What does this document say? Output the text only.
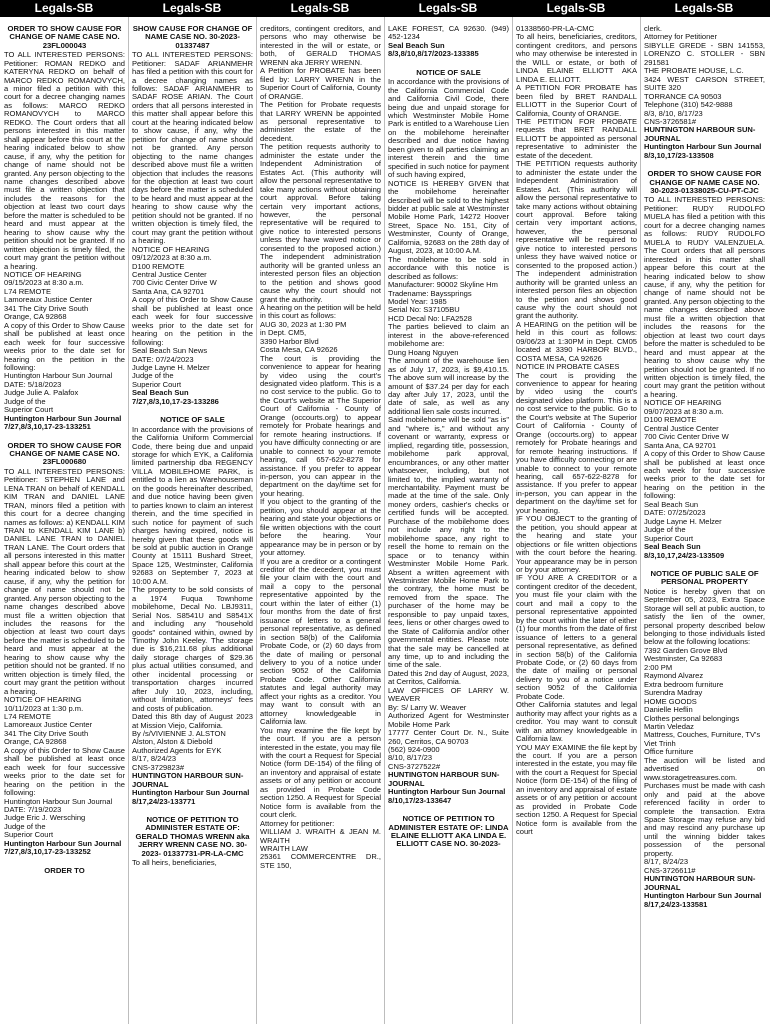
Legals-SB	Legals-SB	Legals-SB	Legals-SB	Legals-SB	Legals-SB

ORDER TO SHOW CAUSE FOR CHANGE OF NAME CASE NO. 23FL000043

TO ALL INTERESTED PERSONS: Petitioner: ROMAN REDKO and KATERYNA REDKO on behalf of MARCO REDKO ROMANOVYCH, a minor filed a petition with this court for a decree changing names as follows: MARCO REDKO ROMANOVYCH to MARCO REDKO. The Court orders that all persons interested in this matter shall appear before this court at the hearing indicated below to show cause, if any, why the petition for change of name should not be granted. Any person objecting to the name changes described above must file a written objection that includes the reasons for the objection at least two court days before the matter is scheduled to be heard and must appear at the hearing to show cause why the petition should not be granted. If no written objection is timely filed, the court may grant the petition without a hearing.
NOTICE OF HEARING
09/15/2023 at 8:30 a.m.
L74 REMOTE
Lamoreaux Justice Center
341 The City Drive South
Orange, CA 92868
A copy of this Order to Show Cause shall be published at least once each week for four successive weeks prior to the date set for hearing on the petition in the following:
Huntington Harbour Sun Journal
DATE: 5/18/2023
Judge Julie A. Palafox
Judge of the
Superior Court

Huntington Harbour Sun Journal
7/27,8/3,10,17-23-133251

ORDER TO SHOW CAUSE FOR CHANGE OF NAME CASE NO. 23FL000680

TO ALL INTERESTED PERSONS: Petitioner: STEPHEN LANE and LENA TRAN on behalf of KENDALL KIM TRAN and DANIEL LANE TRAN, minors filed a petition with this court for a decree changing names as follows: a) KENDALL KIM TRAN to KENDALL KIM LANE b) DANIEL LANE TRAN to DANIEL TRAN LANE. The Court orders that all persons interested in this matter shall appear before this court at the hearing indicated below to show cause, if any, why the petition for change of name should not be granted. Any person objecting to the name changes described above must file a written objection that includes the reasons for the objection at least two court days before the matter is scheduled to be heard and must appear at the hearing to show cause why the petition should not be granted. If no written objection is timely filed, the court may grant the petition without a hearing.
NOTICE OF HEARING
10/11/2023 at 1:30 p.m.
L74 REMOTE
Lamoreaux Justice Center
341 The City Drive South
Orange, CA 92868
A copy of this Order to Show Cause shall be published at least once each week for four successive weeks prior to the date set for hearing on the petition in the following:
Huntington Harbour Sun Journal
DATE: 7/19/2023
Judge Eric J. Wersching
Judge of the
Superior Court

Huntington Harbour Sun Journal
7/27,8/3,10,17-23-133252

ORDER TO

SHOW CAUSE FOR CHANGE OF NAME CASE NO. 30-2023-01337487

TO ALL INTERESTED PERSONS: Petitioner: SADAF ARIANMEHR has filed a petition with this court for a decree changing names as follows: SADAF ARIANMEHR to SADAF ROSE ARIAN. The Court orders that all persons interested in this matter shall appear before this court at the hearing indicated below to show cause, if any, why the petition for change of name should not be granted. Any person objecting to the name changes described above must file a written objection that includes the reasons for the objection at least two court days before the matter is scheduled to be heard and must appear at the hearing to show cause why the petition should not be granted. If no written objection is timely filed, the court may grant the petition without a hearing.
NOTICE OF HEARING
09/12/2023 at 8:30 a.m.
D100 REMOTE
Central Justice Center
700 Civic Center Drive W
Santa Ana, CA 92701
A copy of this Order to Show Cause shall be published at least once each week for four successive weeks prior to the date set for hearing on the petition in the following:
Seal Beach Sun News
DATE: 07/24/2023
Judge Layne H. Melzer
Judge of the
Superior Court

Seal Beach Sun
7/27,8/3,10,17-23-133286

NOTICE OF SALE

In accordance with the provisions of the California Uniform Commercial Code, there being due and unpaid storage for which EYK, a California limited partnership dba REGENCY VILLA MOBILEHOME PARK, is entitled to a lien as Warehouseman on the goods hereinafter described, and due notice having been given to parties known to claim an interest therein, and the time specified in such notice for payment of such charges having expired, notice is hereby given that these goods will be sold at public auction in Orange County at 15111 Bushard Street, Space 125, Westminster, California 92683 on September 7, 2023 at 10:00 A.M.
The property to be sold consists of a 1974 Fuqua Townhome mobilehome, Decal No. LBJ9311, Serial Nos. S8541U and S8541X and including any "household goods" contained within, owned by Timothy John Keeley. The storage due is $16,211.68 plus additional daily storage charges of $29.36 plus actual utilities consumed, and other incidental processing or transportation charges incurred after July 10, 2023, including, without limitation, attorneys' fees and costs of publication.
Dated this 8th day of August 2023 at Mission Viejo, California.
By /s/VIVIENNE J. ALSTON
Alston, Alston & Diebold
Authorized Agents for EYK
8/17, 8/24/23
CNS-3729823#

HUNTINGTON HARBOUR SUN-JOURNAL
Huntington Harbour Sun Journal 8/17,24/23-133771

NOTICE OF PETITION TO ADMINISTER ESTATE OF: GERALD THOMAS WRENN aka JERRY WRENN CASE NO. 30-2023- 01337731-PR-LA-CMC

To all heirs, beneficiaries,

creditors, contingent creditors, and persons who may otherwise be interested in the will or estate, or both, of GERALD THOMAS WRENN aka JERRY WRENN.
A Petition for PROBATE has been filed by: LARRY WRENN in the Superior Court of California, County of ORANGE.
The Petition for Probate requests that LARRY WRENN be appointed as personal representative to administer the estate of the decedent.
The petition requests authority to administer the estate under the Independent Administration of Estates Act. (This authority will allow the personal representative to take many actions without obtaining court approval. Before taking certain very important actions, however, the personal representative will be required to give notice to interested persons unless they have waived notice or consented to the proposed action.) The independent administration authority will be granted unless an interested person files an objection to the petition and shows good cause why the court should not grant the authority.
A hearing on the petition will be held in this court as follows:
AUG 30, 2023 at 1:30 PM
in Dept. CM5,
3390 Harbor Blvd
Costa Mesa, CA 92626
The court is providing the convenience to appear for hearing by video using the court's designated video platform. This is a no cost service to the public. Go to the Court's website at The Superior Court of California - County of Orange (occourts.org) to appear remotely for Probate hearings and for remote hearing instructions. If you have difficulty connecting or are unable to connect to your remote hearing, call 657-622-8278 for assistance. If you prefer to appear in-person, you can appear in the department on the day/time set for your hearing.
If you object to the granting of the petition, you should appear at the hearing and state your objections or file written objections with the court before the hearing. Your appearance may be in person or by your attorney.
If you are a creditor or a contingent creditor of the decedent, you must file your claim with the court and mail a copy to the personal representative appointed by the court within the later of either (1) four months from the date of first issuance of letters to a general personal representative, as defined in section 58(b) of the California Probate Code, or (2) 60 days from the date of mailing or personal delivery to you of a notice under section 9052 of the California Probate Code. Other California statutes and legal authority may affect your rights as a creditor. You may want to consult with an attorney knowledgeable in California law.
You may examine the file kept by the court. If you are a person interested in the estate, you may file with the court a Request for Special Notice (form DE-154) of the filing of an inventory and appraisal of estate assets or of any petition or account as provided in Probate Code section 1250. A Request for Special Notice form is available from the court clerk.
Attorney for petitioner:
WILLIAM J. WRAITH & JEAN M. WRAITH
WRAITH LAW
25361 COMMERCENTRE DR., STE 150,

LAKE FOREST, CA 92630. (949) 452-1234

Seal Beach Sun 8/3,8/10,8/17/2023-133385

NOTICE OF SALE

In accordance with the provisions of the California Commercial Code and California Civil Code, there being due and unpaid storage for which Westminster Mobile Home Park is entitled to a Warehouse Lien on the mobilehome hereinafter described and due notice having been given to all parties claiming an interest therein and the time specified in such notice for payment of such having expired,
NOTICE IS HEREBY GIVEN that the mobilehome hereinafter described will be sold to the highest bidder at public sale at Westminster Mobile Home Park, 14272 Hoover Street, Space No. 151, City of Westminster, County of Orange, California, 92683 on the 28th day of August, 2023, at 10:00 A.M.
The mobilehome to be sold in accordance with this notice is described as follows:
Manufacturer: 90002 Skyline Hm
Tradename: Bayssprings
Model Year: 1985
Serial No: S37105BU
HCD Decal No: LFA2528
The parties believed to claim an interest in the above-referenced mobilehome are:
Dung Hoang Nguyen
The amount of the warehouse lien as of July 17, 2023, is $9,410.15. The above sum will increase by the amount of $37.24 per day for each day after July 17, 2023, until the date of sale, as well as any additional lien sale costs incurred.
Said mobilehome will be sold "as is" and "where is," and without any covenant or warranty, express or implied, regarding title, possession, mobilehome park approval, encumbrances, or any other matter whatsoever, including, but not limited to, the implied warranty of merchantability. Payment must be made at the time of the sale. Only money orders, cashier's checks or certified funds will be accepted. Purchase of the mobilehome does not include any right to the mobilehome space, any right to resell the home to remain on the space or to tenancy within Westminster Mobile Home Park. Absent a written agreement with Westminster Mobile Home Park to the contrary, the home must be removed from the space. The purchaser of the home may be responsible to pay unpaid taxes, fees, liens or other charges owed to the State of California and/or other governmental entities. Please note that the sale may be cancelled at any time, up to and including the time of the sale.
Dated this 2nd day of August, 2023, at Cerritos, California.
LAW OFFICES OF LARRY W. WEAVER
By: S/ Larry W. Weaver
Authorized Agent for Westminster Mobile Home Park
17777 Center Court Dr. N., Suite 260, Cerritos, CA 90703
(562) 924-0900
8/10, 8/17/23
CNS-3727522#

HUNTINGTON HARBOUR SUN-JOURNAL
Huntington Harbour Sun Journal 8/10,17/23-133647

NOTICE OF PETITION TO ADMINISTER ESTATE OF: LINDA ELAINE ELLIOTT AKA LINDA E. ELLIOTT CASE NO. 30-2023-

01338560-PR-LA-CMC
To all heirs, beneficiaries, creditors, contingent creditors, and persons who may otherwise be interested in the WILL or estate, or both of LINDA ELAINE ELLIOTT AKA LINDA E. ELLIOTT.
A PETITION FOR PROBATE has been filed by BRET RANDALL ELLIOTT in the Superior Court of California, County of ORANGE.
THE PETITION FOR PROBATE requests that BRET RANDALL ELLIOTT be appointed as personal representative to administer the estate of the decedent.
THE PETITION requests authority to administer the estate under the Independent Administration of Estates Act. (This authority will allow the personal representative to take many actions without obtaining court approval. Before taking certain very important actions, however, the personal representative will be required to give notice to interested persons unless they have waived notice or consented to the proposed action.) The independent administration authority will be granted unless an interested person files an objection to the petition and shows good cause why the court should not grant the authority.
A HEARING on the petition will be held in this court as follows: 09/06/23 at 1:30PM in Dept. CM05 located at 3390 HARBOR BLVD., COSTA MESA, CA 92626
NOTICE IN PROBATE CASES
The court is providing the convenience to appear for hearing by video using the court's designated video platform. This is a no cost service to the public. Go to the Court's website at The Superior Court of California - County of Orange (occourts.org) to appear remotely for Probate hearings and for remote hearing instructions. If you have difficulty connecting or are unable to connect to your remote hearing, call 657-622-8278 for assistance. If you prefer to appear in-person, you can appear in the department on the day/time set for your hearing.
IF YOU OBJECT to the granting of the petition, you should appear at the hearing and state your objections or file written objections with the court before the hearing. Your appearance may be in person or by your attorney.
IF YOU ARE A CREDITOR or a contingent creditor of the decedent, you must file your claim with the court and mail a copy to the personal representative appointed by the court within the later of either (1) four months from the date of first issuance of letters to a general personal representative, as defined in section 58(b) of the California Probate Code, or (2) 60 days from the date of mailing or personal delivery to you of a notice under section 9052 of the California Probate Code.
Other California statutes and legal authority may affect your rights as a creditor. You may want to consult with an attorney knowledgeable in California law.
YOU MAY EXAMINE the file kept by the court. If you are a person interested in the estate, you may file with the court a Request for Special Notice (form DE-154) of the filing of an inventory and appraisal of estate assets or of any petition or account as provided in Probate Code section 1250. A Request for Special Notice form is available from the court

clerk.
Attorney for Petitioner
SIBYLLE GREDE - SBN 141553, LORENZO C. STOLLER - SBN 291581
THE PROBATE HOUSE, L.C.
3424 WEST CARSON STREET, SUITE 320
TORRANCE CA 90503
Telephone (310) 542-9888
8/3, 8/10, 8/17/23
CNS-3726581#

HUNTINGTON HARBOUR SUN-JOURNAL
Huntington Harbour Sun Journal 8/3,10,17/23-133508

ORDER TO SHOW CAUSE FOR CHANGE OF NAME CASE NO. 30-2023-01338025-CU-PT-CJC

TO ALL INTERESTED PERSONS: Petitioner: RUDY RUDOLFO MUELA has filed a petition with this court for a decree changing names as follows: RUDY RUDOLFO MUELA to RUDY VALENZUELA. The Court orders that all persons interested in this matter shall appear before this court at the hearing indicated below to show cause, if any, why the petition for change of name should not be granted. Any person objecting to the name changes described above must file a written objection that includes the reasons for the objection at least two court days before the matter is scheduled to be heard and must appear at the hearing to show cause why the petition should not be granted. If no written objection is timely filed, the court may grant the petition without a hearing.
NOTICE OF HEARING
09/07/2023 at 8:30 a.m.
D100 REMOTE
Central Justice Center
700 Civic Center Drive W
Santa Ana, CA 92701
A copy of this Order to Show Cause shall be published at least once each week for four successive weeks prior to the date set for hearing on the petition in the following:
Seal Beach Sun
DATE: 07/25/2023
Judge Layne H. Melzer
Judge of the
Superior Court

Seal Beach Sun
8/3,10,17,24/23-133509

NOTICE OF PUBLIC SALE OF PERSONAL PROPERTY

Notice is hereby given that on September 05, 2023, Extra Space Storage will sell at public auction, to satisfy the lien of the owner, personal property described below belonging to those individuals listed below at the following locations:
7392 Garden Grove Blvd
Westminster, Ca 92683
2:00 PM
Raymond Alvarez
Extra bedroom furniture
Surendra Madray
HOME GOODS
Danielle Heflin
Clothes personal belongings
Martin Veledaz
Mattress, Couches, Furniture, TV's
Viet Trinh
Office furniture
The auction will be listed and advertised on www.storagetreasures.com. Purchases must be made with cash only and paid at the above referenced facility in order to complete the transaction. Extra Space Storage may refuse any bid and may rescind any purchase up until the winning bidder takes possession of the personal property.
8/17, 8/24/23
CNS-3726611#

HUNTINGTON HARBOUR SUN-JOURNAL
Huntington Harbour Sun Journal 8/17,24/23-133581
